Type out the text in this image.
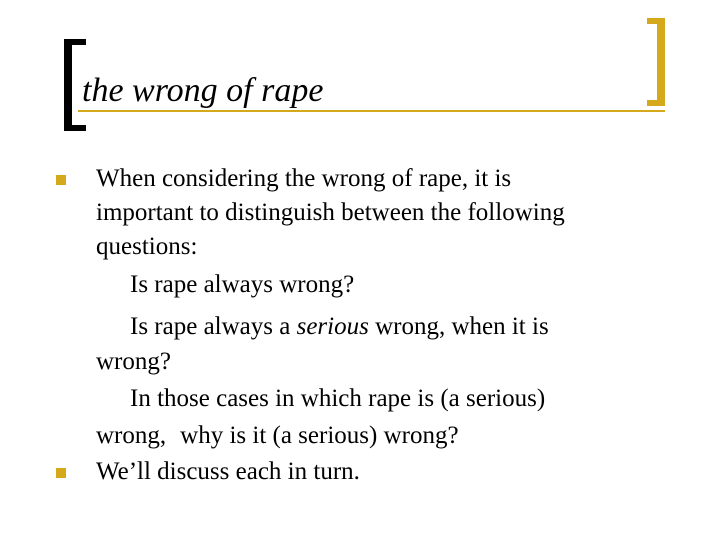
the wrong of rape

When considering the wrong of rape, it is

important to distinguish between the following

questions:

Is rape always wrong?

Is rape always a serious wrong, when it is

wrong?

In those cases in which rape is (a serious)

wrong, why is it (a serious) wrong?

We’ll discuss each in turn.
